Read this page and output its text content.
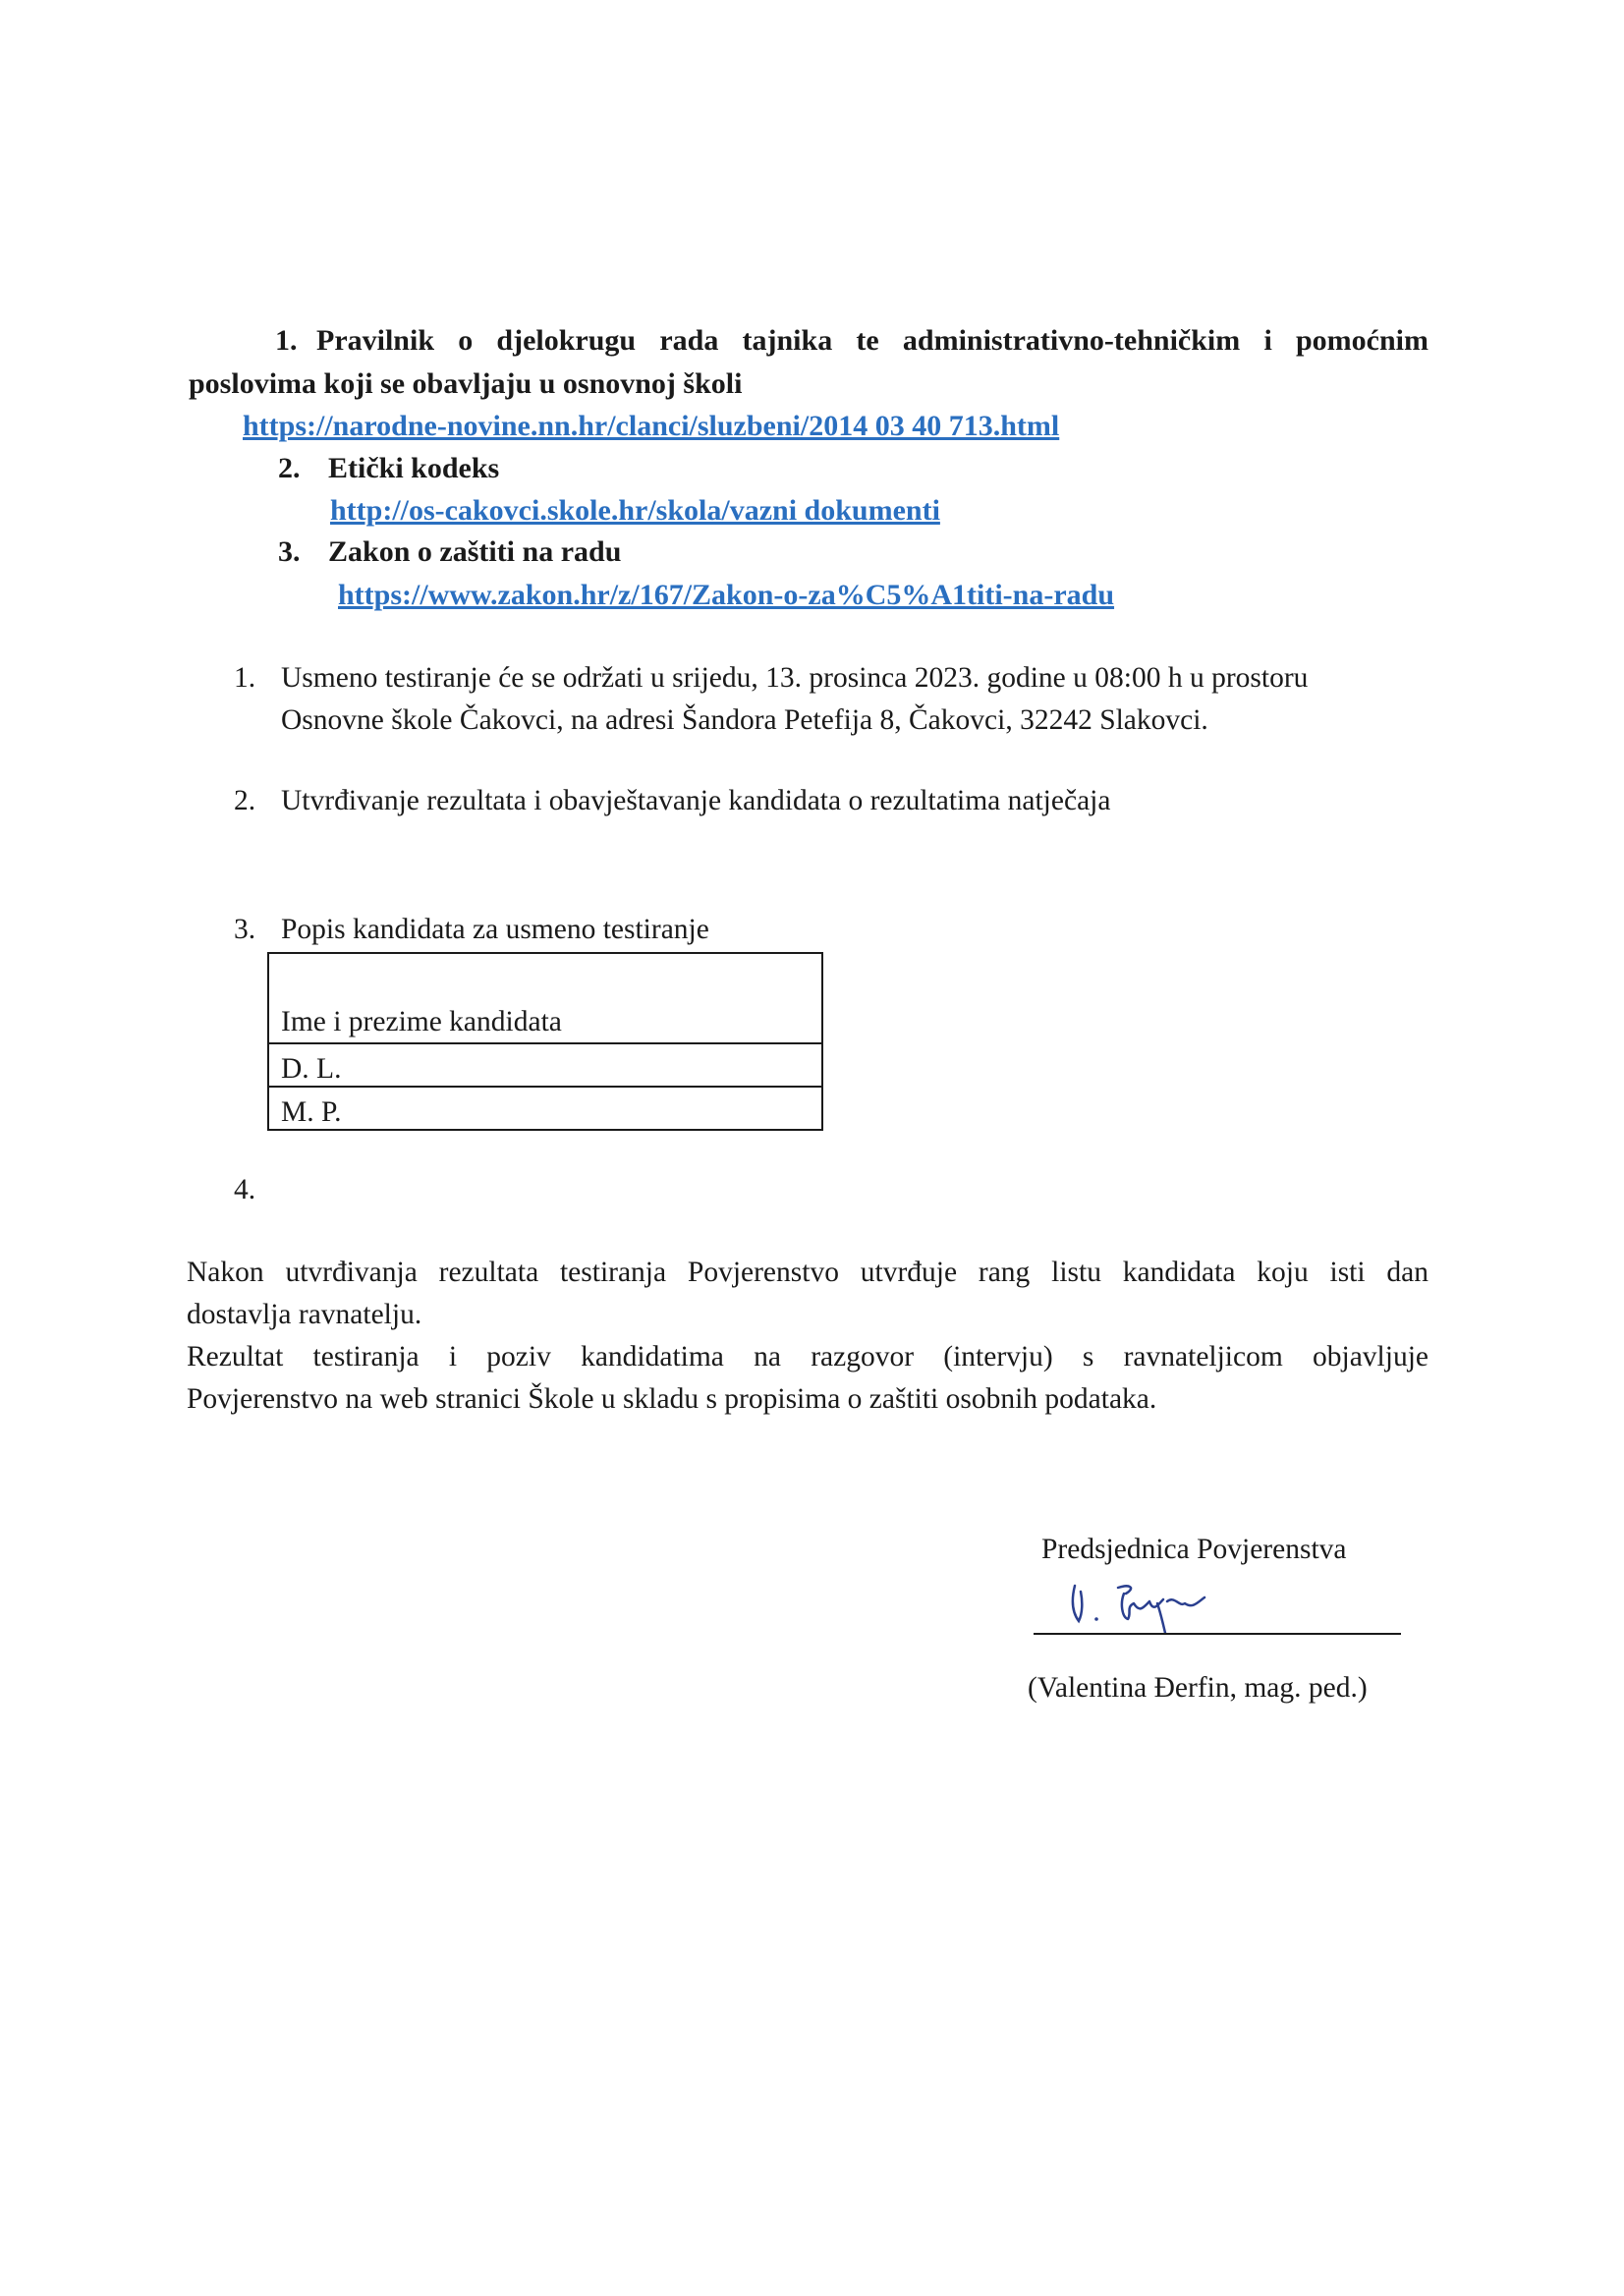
1. Pravilnik o djelokrugu rada tajnika te administrativno-tehničkim i pomoćnim
poslovima koji se obavljaju u osnovnoj školi
https://narodne-novine.nn.hr/clanci/sluzbeni/2014 03 40 713.html
2. Etički kodeks
http://os-cakovci.skole.hr/skola/vazni dokumenti
3. Zakon o zaštiti na radu
https://www.zakon.hr/z/167/Zakon-o-za%C5%A1titi-na-radu
1. Usmeno testiranje će se održati u srijedu, 13. prosinca 2023. godine u 08:00 h u prostoru
Osnovne škole Čakovci, na adresi Šandora Petefija 8, Čakovci, 32242 Slakovci.
2. Utvrđivanje rezultata i obavještavanje kandidata o rezultatima natječaja
3. Popis kandidata za usmeno testiranje
Ime i prezime kandidata
D. L.
M. P.
4.
Nakon utvrđivanja rezultata testiranja Povjerenstvo utvrđuje rang listu kandidata koju isti dan
dostavlja ravnatelju.
Rezultat testiranja i poziv kandidatima na razgovor (intervju) s ravnateljicom objavljuje
Povjerenstvo na web stranici Škole u skladu s propisima o zaštiti osobnih podataka.
Predsjednica Povjerenstva
(Valentina Đerfin, mag. ped.)
